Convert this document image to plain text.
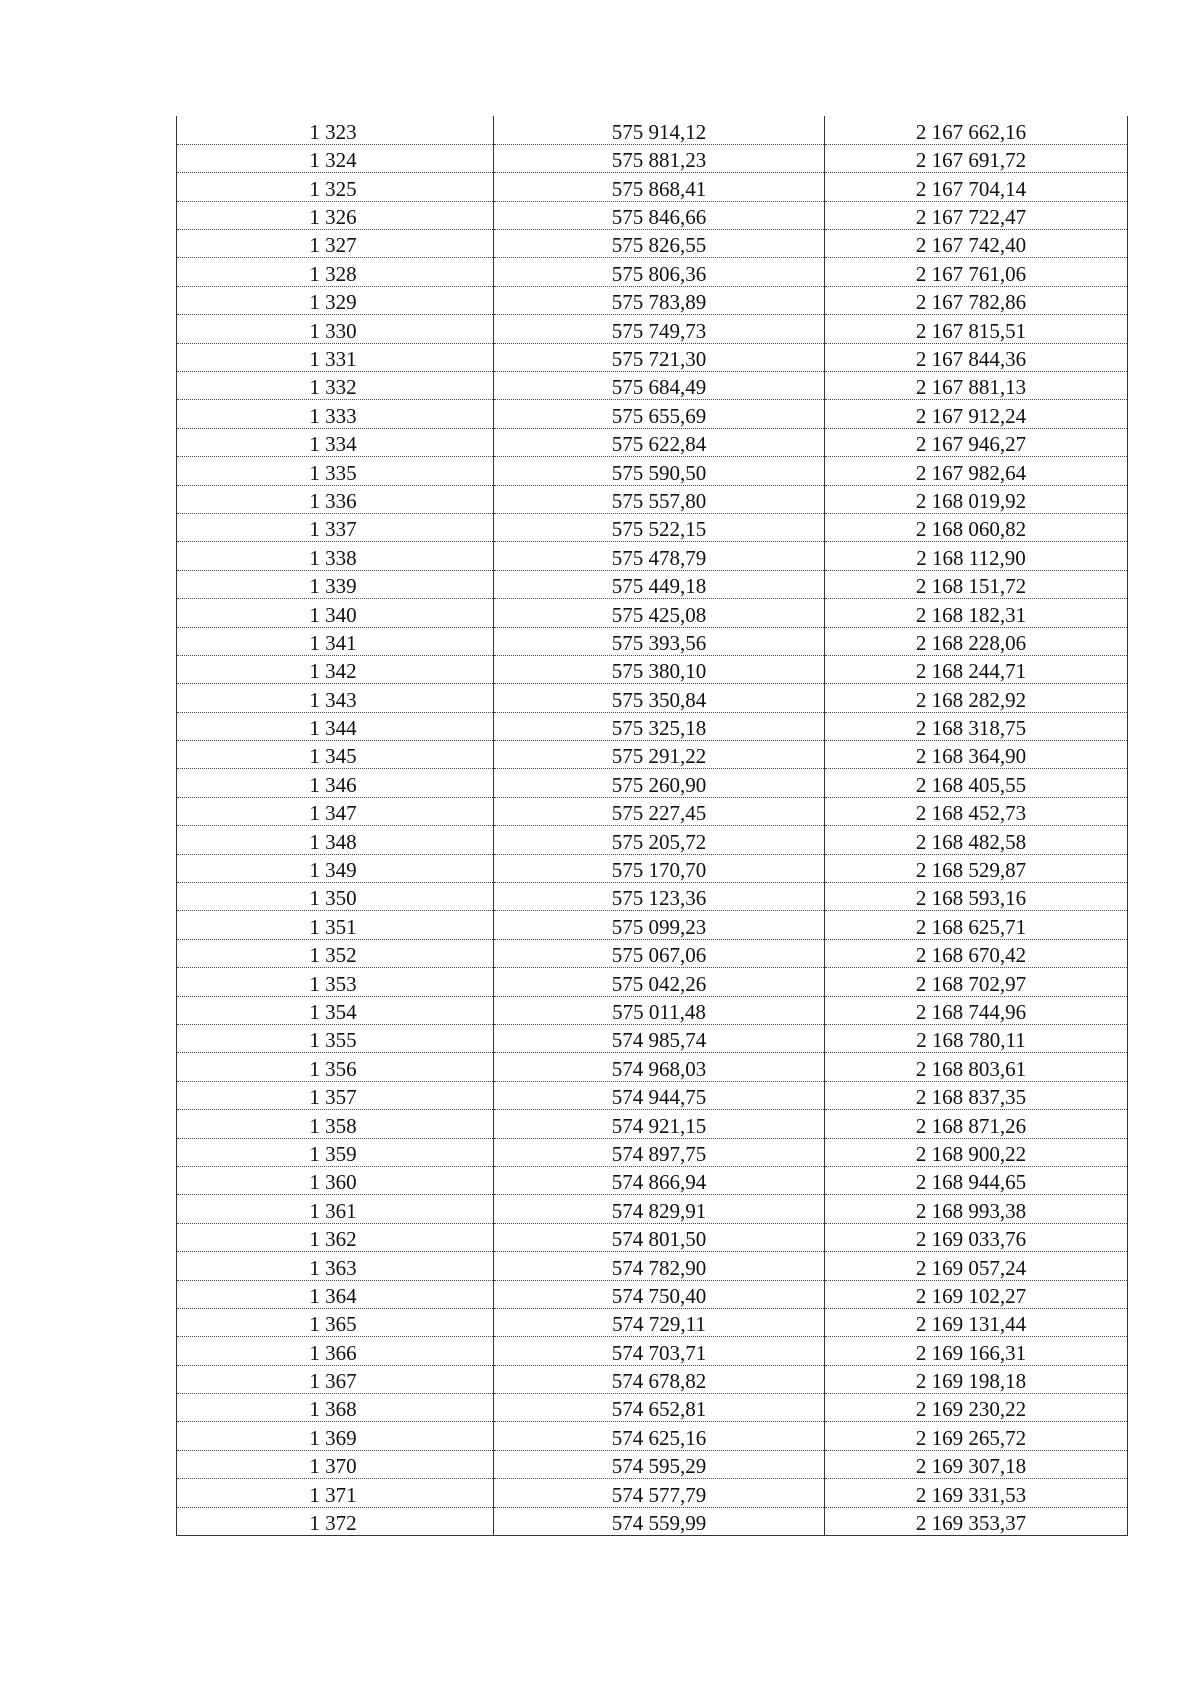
1 323	575 914,12	2 167 662,16
1 324	575 881,23	2 167 691,72
1 325	575 868,41	2 167 704,14
1 326	575 846,66	2 167 722,47
1 327	575 826,55	2 167 742,40
1 328	575 806,36	2 167 761,06
1 329	575 783,89	2 167 782,86
1 330	575 749,73	2 167 815,51
1 331	575 721,30	2 167 844,36
1 332	575 684,49	2 167 881,13
1 333	575 655,69	2 167 912,24
1 334	575 622,84	2 167 946,27
1 335	575 590,50	2 167 982,64
1 336	575 557,80	2 168 019,92
1 337	575 522,15	2 168 060,82
1 338	575 478,79	2 168 112,90
1 339	575 449,18	2 168 151,72
1 340	575 425,08	2 168 182,31
1 341	575 393,56	2 168 228,06
1 342	575 380,10	2 168 244,71
1 343	575 350,84	2 168 282,92
1 344	575 325,18	2 168 318,75
1 345	575 291,22	2 168 364,90
1 346	575 260,90	2 168 405,55
1 347	575 227,45	2 168 452,73
1 348	575 205,72	2 168 482,58
1 349	575 170,70	2 168 529,87
1 350	575 123,36	2 168 593,16
1 351	575 099,23	2 168 625,71
1 352	575 067,06	2 168 670,42
1 353	575 042,26	2 168 702,97
1 354	575 011,48	2 168 744,96
1 355	574 985,74	2 168 780,11
1 356	574 968,03	2 168 803,61
1 357	574 944,75	2 168 837,35
1 358	574 921,15	2 168 871,26
1 359	574 897,75	2 168 900,22
1 360	574 866,94	2 168 944,65
1 361	574 829,91	2 168 993,38
1 362	574 801,50	2 169 033,76
1 363	574 782,90	2 169 057,24
1 364	574 750,40	2 169 102,27
1 365	574 729,11	2 169 131,44
1 366	574 703,71	2 169 166,31
1 367	574 678,82	2 169 198,18
1 368	574 652,81	2 169 230,22
1 369	574 625,16	2 169 265,72
1 370	574 595,29	2 169 307,18
1 371	574 577,79	2 169 331,53
1 372	574 559,99	2 169 353,37
